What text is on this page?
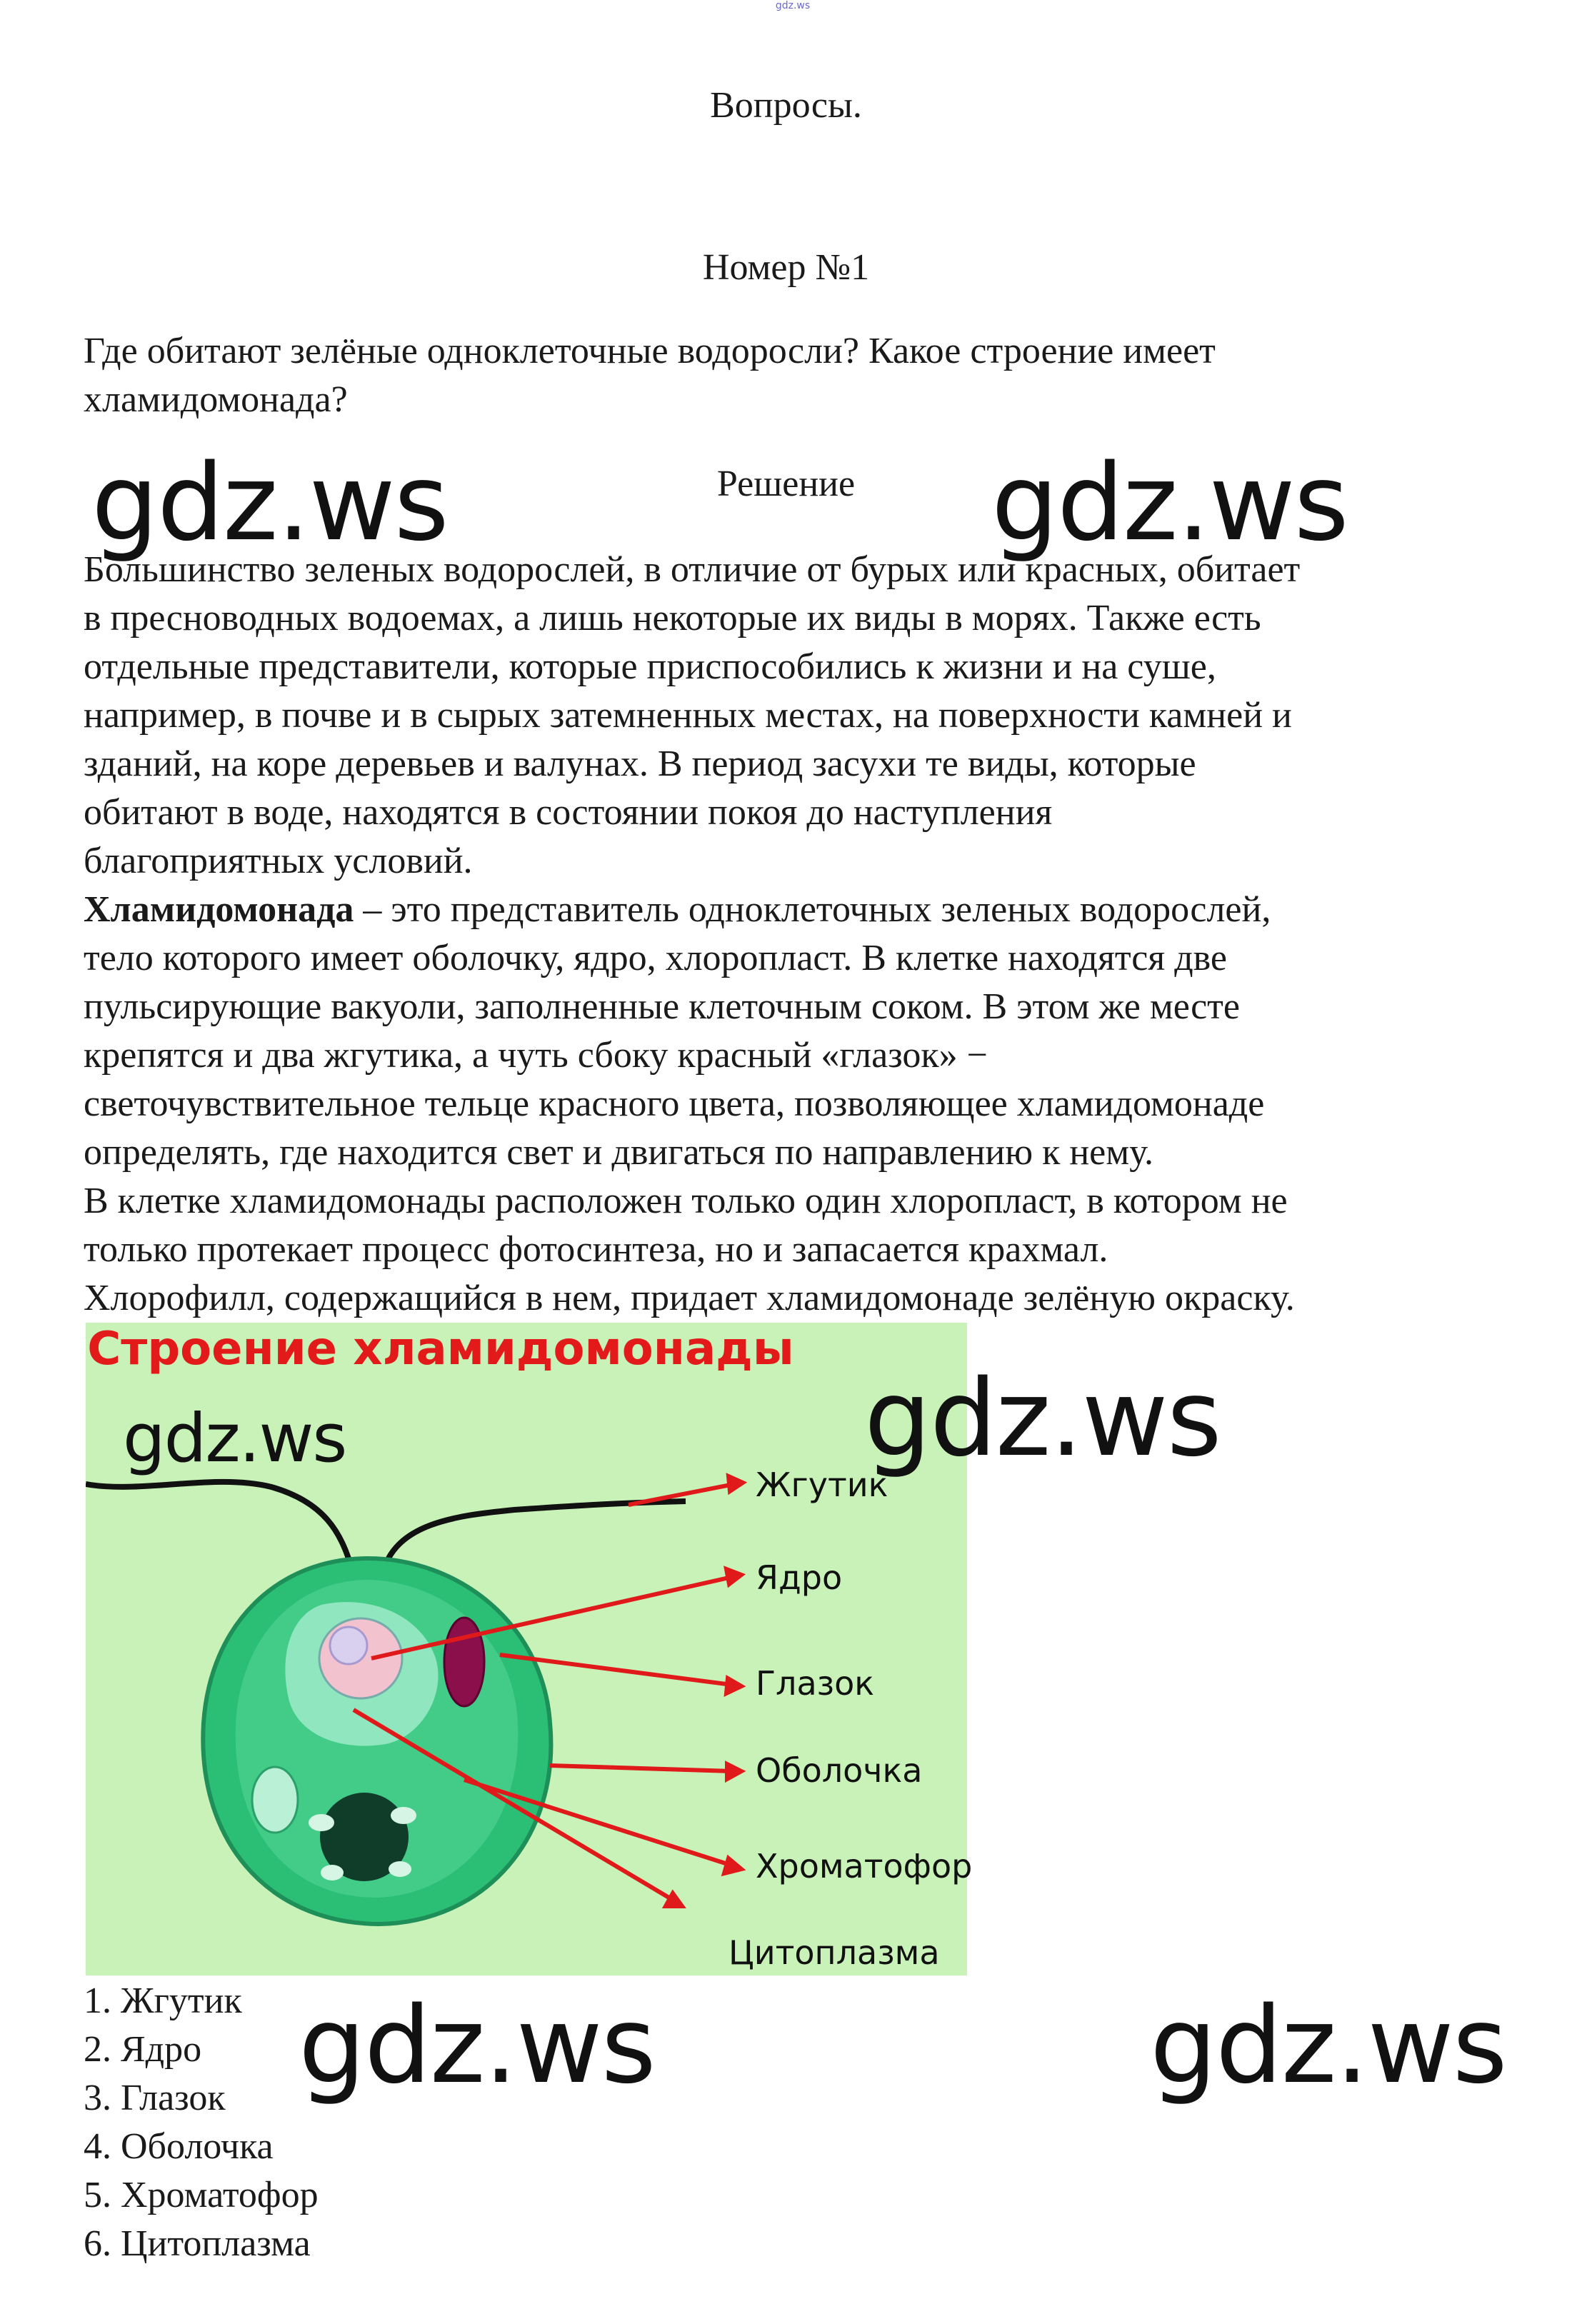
gdz.ws
Вопросы.
Номер №1
Где обитают зелёные одноклеточные водоросли? Какое строение имеет
хламидомонада?
Решение
Большинство зеленых водорослей, в отличие от бурых или красных, обитает
в пресноводных водоемах, а лишь некоторые их виды в морях. Также есть
отдельные представители, которые приспособились к жизни и на суше,
например, в почве и в сырых затемненных местах, на поверхности камней и
зданий, на коре деревьев и валунах. В период засухи те виды, которые
обитают в воде, находятся в состоянии покоя до наступления
благоприятных условий.
Хламидомонада – это представитель одноклеточных зеленых водорослей,
тело которого имеет оболочку, ядро, хлоропласт. В клетке находятся две
пульсирующие вакуоли, заполненные клеточным соком. В этом же месте
крепятся и два жгутика, а чуть сбоку красный «глазок» −
светочувствительное тельце красного цвета, позволяющее хламидомонаде
определять, где находится свет и двигаться по направлению к нему.
В клетке хламидомонады расположен только один хлоропласт, в котором не
только протекает процесс фотосинтеза, но и запасается крахмал.
Хлорофилл, содержащийся в нем, придает хламидомонаде зелёную окраску.
Строение хламидомонады
Жгутик
Ядро
Глазок
Оболочка
Хроматофор
Цитоплазма
1. Жгутик
2. Ядро
3. Глазок
4. Оболочка
5. Хроматофор
6. Цитоплазма
gdz.ws	gdz.ws
gdz.ws
gdz.ws
gdz.ws	gdz.ws
